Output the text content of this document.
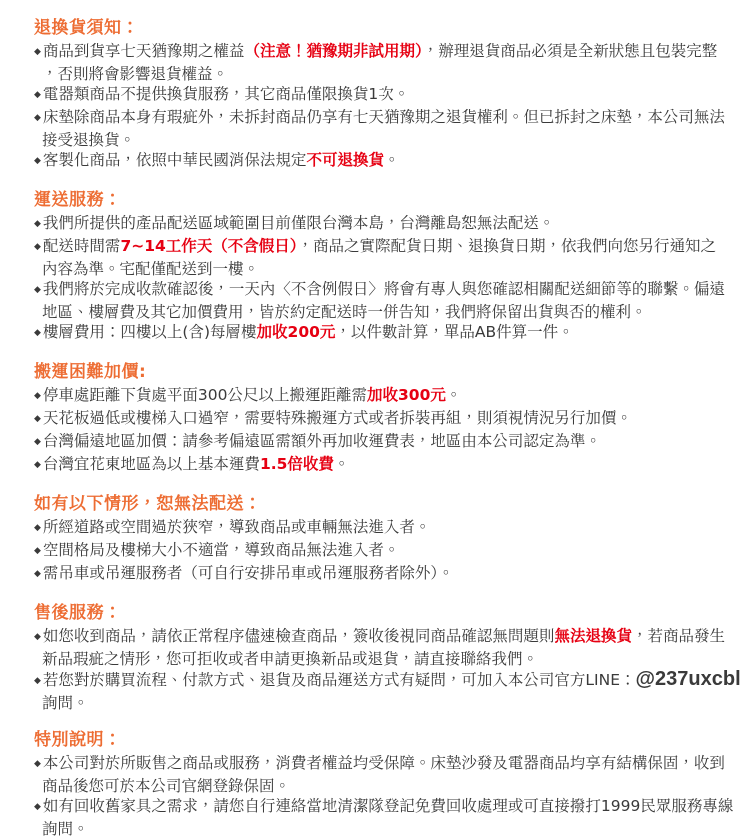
退換貨須知：
◆ 商品到貨享七天猶豫期之權益（注意！猶豫期非試用期），辦理退貨商品必須是全新狀態且包裝完整
，否則將會影響退貨權益。
◆ 電器類商品不提供換貨服務，其它商品僅限換貨1次。
◆ 床墊除商品本身有瑕疵外，未拆封商品仍享有七天猶豫期之退貨權利。但已拆封之床墊，本公司無法
接受退換貨。
◆ 客製化商品，依照中華民國消保法規定不可退換貨。
運送服務：
◆ 我們所提供的產品配送區域範圍目前僅限台灣本島，台灣離島恕無法配送。
◆ 配送時間需7~14工作天（不含假日），商品之實際配貨日期、退換貨日期，依我們向您另行通知之
內容為準。宅配僅配送到一樓。
◆ 我們將於完成收款確認後，一天內〈不含例假日〉將會有專人與您確認相關配送細節等的聯繫。偏遠
地區、樓層費及其它加價費用，皆於約定配送時一併告知，我們將保留出貨與否的權利。
◆ 樓層費用：四樓以上(含)每層樓加收200元，以件數計算，單品AB件算一件。
搬運困難加價:
◆ 停車處距離下貨處平面300公尺以上搬運距離需加收300元。
◆ 天花板過低或樓梯入口過窄，需要特殊搬運方式或者拆裝再組，則須視情況另行加價。
◆ 台灣偏遠地區加價：請參考偏遠區需額外再加收運費表，地區由本公司認定為準。
◆ 台灣宜花東地區為以上基本運費1.5倍收費。
如有以下情形，恕無法配送：
◆ 所經道路或空間過於狹窄，導致商品或車輛無法進入者。
◆ 空間格局及樓梯大小不適當，導致商品無法進入者。
◆ 需吊車或吊運服務者（可自行安排吊車或吊運服務者除外）。
售後服務：
◆ 如您收到商品，請依正常程序儘速檢查商品，簽收後視同商品確認無問題則無法退換貨，若商品發生
新品瑕疵之情形，您可拒收或者申請更換新品或退貨，請直接聯絡我們。
◆ 若您對於購買流程、付款方式、退貨及商品運送方式有疑問，可加入本公司官方LINE：@237uxcbl
詢問。
特別說明：
◆ 本公司對於所販售之商品或服務，消費者權益均受保障。床墊沙發及電器商品均享有結構保固，收到
商品後您可於本公司官網登錄保固。
◆ 如有回收舊家具之需求，請您自行連絡當地清潔隊登記免費回收處理或可直接撥打1999民眾服務專線
詢問。
